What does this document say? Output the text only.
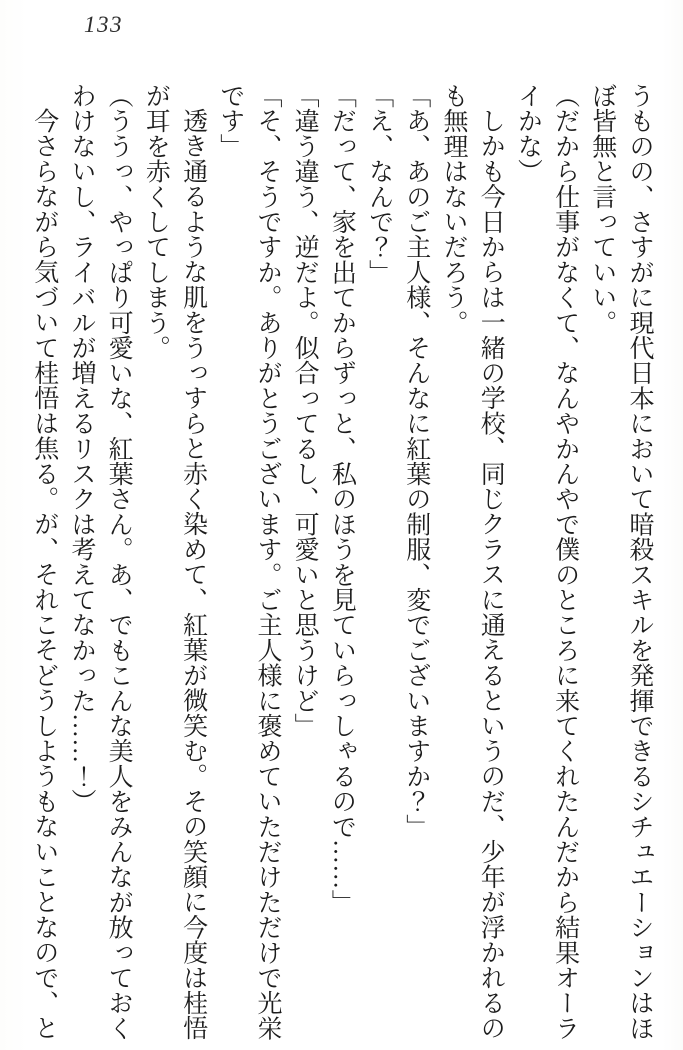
133
うものの、さすがに現代日本において暗殺スキルを発揮できるシチュエーションはほ
ぼ皆無と言っていい。
（だから仕事がなくて、なんやかんやで僕のところに来てくれたんだから結果オーラ
イかな）
しかも今日からは一緒の学校、同じクラスに通えるというのだ、少年が浮かれるの
も無理はないだろう。
「あ、あのご主人様、そんなに紅葉の制服、変でございますか？」
「え、なんで？」
「だって、家を出てからずっと、私のほうを見ていらっしゃるので……」
「違う違う、逆だよ。似合ってるし、可愛いと思うけど」
「そ、そうですか。ありがとうございます。ご主人様に褒めていただけただけで光栄
です」
透き通るような肌をうっすらと赤く染めて、紅葉が微笑む。その笑顔に今度は桂悟
が耳を赤くしてしまう。
（ううっ、やっぱり可愛いな、紅葉さん。あ、でもこんな美人をみんなが放っておく
わけないし、ライバルが増えるリスクは考えてなかった……！）
今さらながら気づいて桂悟は焦る。が、それこそどうしようもないことなので、と
